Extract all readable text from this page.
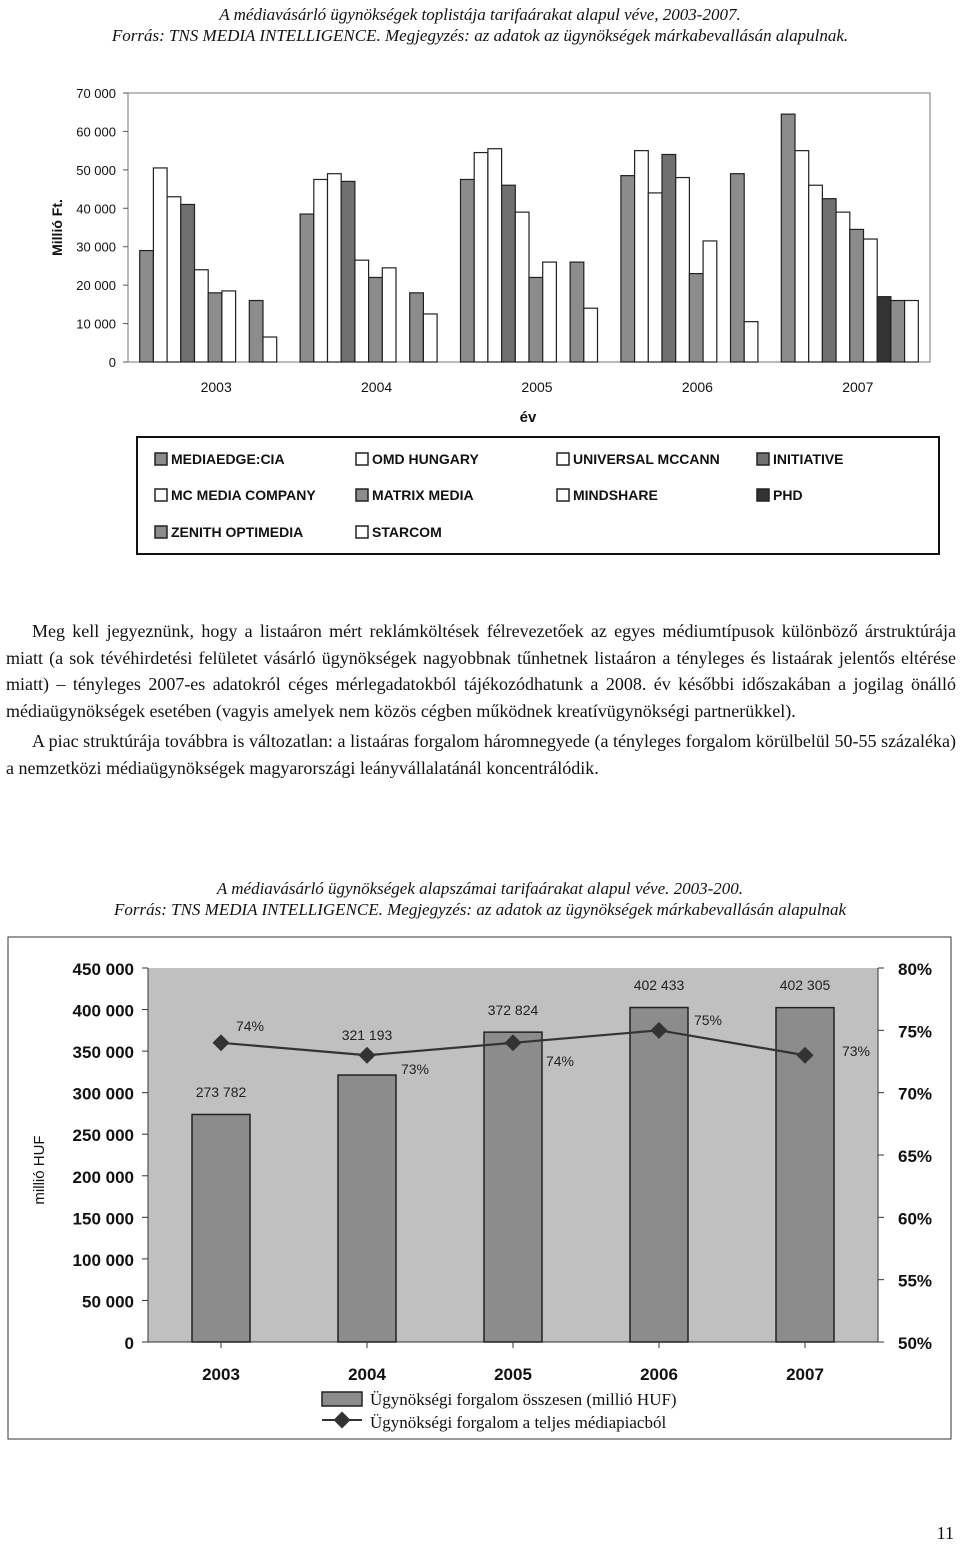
A médiavásárló ügynökségek toplistája tarifaárakat alapul véve, 2003-2007.
Forrás: TNS MEDIA INTELLIGENCE. Megjegyzés: az adatok az ügynökségek márkabevallásán alapulnak.
0
10 000
20 000
30 000
40 000
50 000
60 000
70 000
Millió Ft.
2003	2004	2005	2006	2007
év
MEDIAEDGE:CIA	OMD HUNGARY	UNIVERSAL MCCANN	INITIATIVE
MC MEDIA COMPANY	MATRIX MEDIA	MINDSHARE	PHD
ZENITH OPTIMEDIA	STARCOM

Meg kell jegyeznünk, hogy a listaáron mért reklámköltések félrevezetőek az egyes médiumtípusok különböző árstruktúrája miatt (a sok tévéhirdetési felületet vásárló ügynökségek nagyobbnak tűnhetnek listaáron a tényleges és listaárak jelentős eltérése miatt) – tényleges 2007-es adatokról céges mérlegadatokból tájékozódhatunk a 2008. év későbbi időszakában a jogilag önálló médiaügynökségek esetében (vagyis amelyek nem közös cégben működnek kreatívügynökségi partnerükkel).

A piac struktúrája továbbra is változatlan: a listaáras forgalom háromnegyede (a tényleges forgalom körülbelül 50-55 százaléka) a nemzetközi médiaügynökségek magyarországi leányvállalatánál koncentrálódik.

A médiavásárló ügynökségek alapszámai tarifaárakat alapul véve. 2003-200.
Forrás: TNS MEDIA INTELLIGENCE. Megjegyzés: az adatok az ügynökségek márkabevallásán alapulnak
0
50 000
100 000
150 000
200 000
250 000
300 000
350 000
400 000
450 000
50%
55%
60%
65%
70%
75%
80%
millió HUF
273 782
2003
321 193
2004
372 824
2005
402 433
2006
402 305
2007
74%
73%	74%
75%
73%
Ügynökségi forgalom összesen (millió HUF)
Ügynökségi forgalom a teljes médiapiacból
11
